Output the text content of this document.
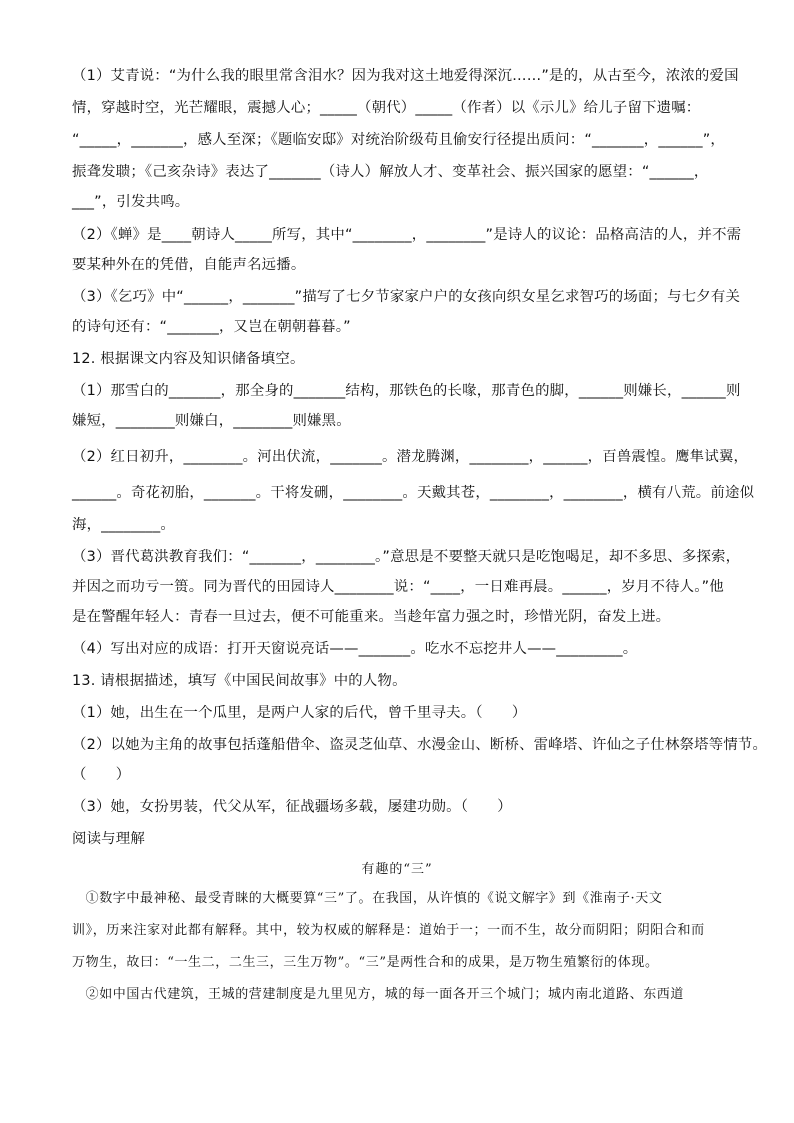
（1）艾青说：“为什么我的眼里常含泪水？因为我对这土地爱得深沉……”是的，从古至今，浓浓的爱国
情，穿越时空，光芒耀眼，震撼人心；_____（朝代）_____（作者）以《示儿》给儿子留下遗嘱：
“_____，_______，感人至深；《题临安邸》对统治阶级苟且偷安行径提出质问：“_______，______”，
振聋发聩；《己亥杂诗》表达了_______（诗人）解放人才、变革社会、振兴国家的愿望：“______，
___”，引发共鸣。
（2）《蝉》是____朝诗人_____所写，其中“________，________”是诗人的议论：品格高洁的人，并不需
要某种外在的凭借，自能声名远播。
（3）《乞巧》中“______，_______”描写了七夕节家家户户的女孩向织女星乞求智巧的场面；与七夕有关
的诗句还有：“_______，又岂在朝朝暮暮。”
12. 根据课文内容及知识储备填空。
（1）那雪白的_______，那全身的_______结构，那铁色的长喙，那青色的脚，______则嫌长，______则
嫌短，________则嫌白，________则嫌黑。
（2）红日初升，________。河出伏流，_______。潜龙腾渊，________，______，百兽震惶。鹰隼试翼，
______。奇花初胎，_______。干将发硎，________。天戴其苍，________，________，横有八荒。前途似
海，________。
（3）晋代葛洪教育我们：“_______，________。”意思是不要整天就只是吃饱喝足，却不多思、多探索，
并因之而功亏一篑。同为晋代的田园诗人________说：“____，一日难再晨。______，岁月不待人。”他
是在警醒年轻人：青春一旦过去，便不可能重来。当趁年富力强之时，珍惜光阴，奋发上进。
（4）写出对应的成语：打开天窗说亮话——_______。吃水不忘挖井人——_________。
13. 请根据描述，填写《中国民间故事》中的人物。
（1）她，出生在一个瓜里，是两户人家的后代，曾千里寻夫。（　　）
（2）以她为主角的故事包括蓬船借伞、盗灵芝仙草、水漫金山、断桥、雷峰塔、许仙之子仕林祭塔等情节。
（　　）
（3）她，女扮男装，代父从军，征战疆场多载，屡建功勋。（　　）
阅读与理解
有趣的“三”
　①数字中最神秘、最受青睐的大概要算“三”了。在我国，从许慎的《说文解字》到《淮南子·天文
训》，历来注家对此都有解释。其中，较为权威的解释是：道始于一；一而不生，故分而阴阳；阴阳合和而
万物生，故曰：“一生二，二生三，三生万物”。“三”是两性合和的成果，是万物生殖繁衍的体现。
　②如中国古代建筑，王城的营建制度是九里见方，城的每一面各开三个城门；城内南北道路、东西道
